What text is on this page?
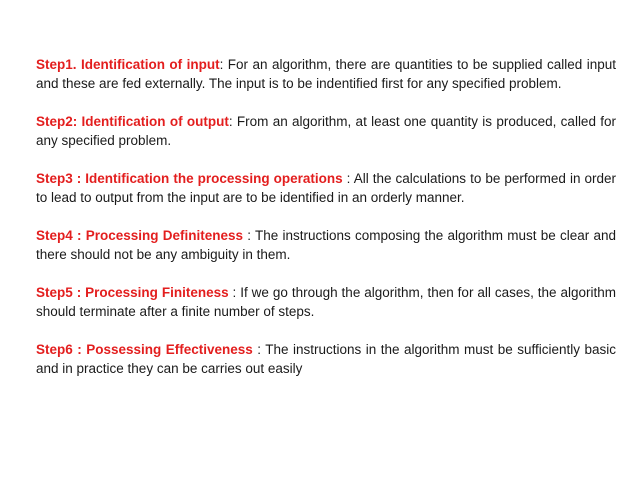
Step1. Identification of input: For an algorithm, there are quantities to be supplied called input and these are fed externally. The input is to be indentified first for any specified problem.

Step2: Identification of output: From an algorithm, at least one quantity is produced, called for any specified problem.

Step3 : Identification the processing operations : All the calculations to be performed in order to lead to output from the input are to be identified in an orderly manner.

Step4 : Processing Definiteness : The instructions composing the algorithm must be clear and there should not be any ambiguity in them.

Step5 : Processing Finiteness : If we go through the algorithm, then for all cases, the algorithm should terminate after a finite number of steps.

Step6 : Possessing Effectiveness : The instructions in the algorithm must be sufficiently basic and in practice they can be carries out easily
